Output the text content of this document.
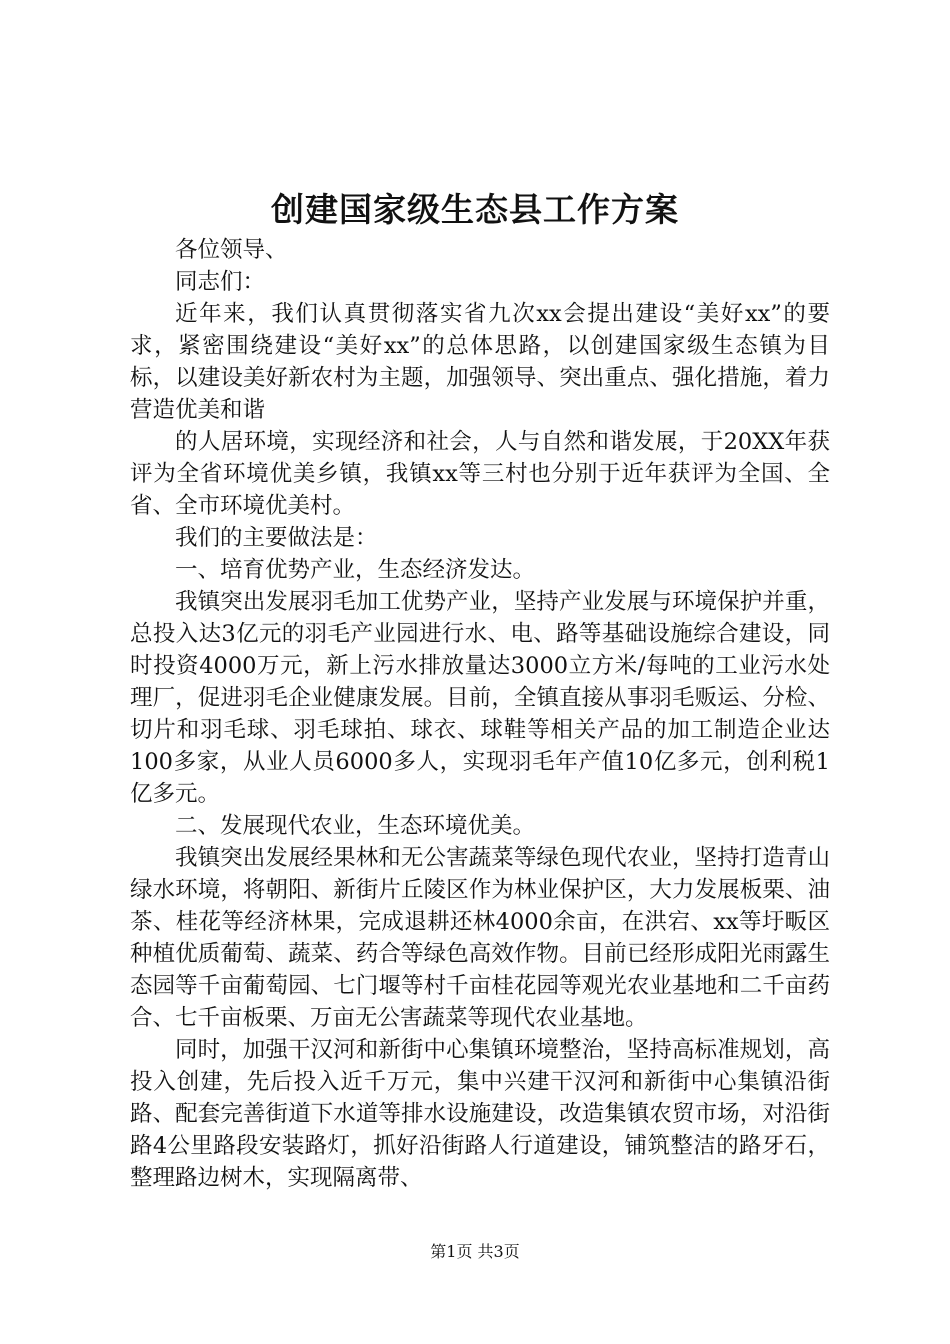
创建国家级生态县工作方案

各位领导、

同志们：

近年来，我们认真贯彻落实省九次xx会提出建设“美好xx”的要求，紧密围绕建设“美好xx”的总体思路，以创建国家级生态镇为目标，以建设美好新农村为主题，加强领导、突出重点、强化措施，着力营造优美和谐

的人居环境，实现经济和社会，人与自然和谐发展，于20XX年获评为全省环境优美乡镇，我镇xx等三村也分别于近年获评为全国、全省、全市环境优美村。

我们的主要做法是：

一、培育优势产业，生态经济发达。

我镇突出发展羽毛加工优势产业，坚持产业发展与环境保护并重，总投入达3亿元的羽毛产业园进行水、电、路等基础设施综合建设，同时投资4000万元，新上污水排放量达3000立方米/每吨的工业污水处理厂，促进羽毛企业健康发展。目前，全镇直接从事羽毛贩运、分检、切片和羽毛球、羽毛球拍、球衣、球鞋等相关产品的加工制造企业达100多家，从业人员6000多人，实现羽毛年产值10亿多元，创利税1亿多元。

二、发展现代农业，生态环境优美。

我镇突出发展经果林和无公害蔬菜等绿色现代农业，坚持打造青山绿水环境，将朝阳、新街片丘陵区作为林业保护区，大力发展板栗、油茶、桂花等经济林果，完成退耕还林4000余亩，在洪宕、xx等圩畈区种植优质葡萄、蔬菜、药合等绿色高效作物。目前已经形成阳光雨露生态园等千亩葡萄园、七门堰等村千亩桂花园等观光农业基地和二千亩药合、七千亩板栗、万亩无公害蔬菜等现代农业基地。

同时，加强干汉河和新街中心集镇环境整治，坚持高标准规划，高投入创建，先后投入近千万元，集中兴建干汉河和新街中心集镇沿街路、配套完善街道下水道等排水设施建设，改造集镇农贸市场，对沿街路4公里路段安装路灯，抓好沿街路人行道建设，铺筑整洁的路牙石，整理路边树木，实现隔离带、

第1页 共3页
